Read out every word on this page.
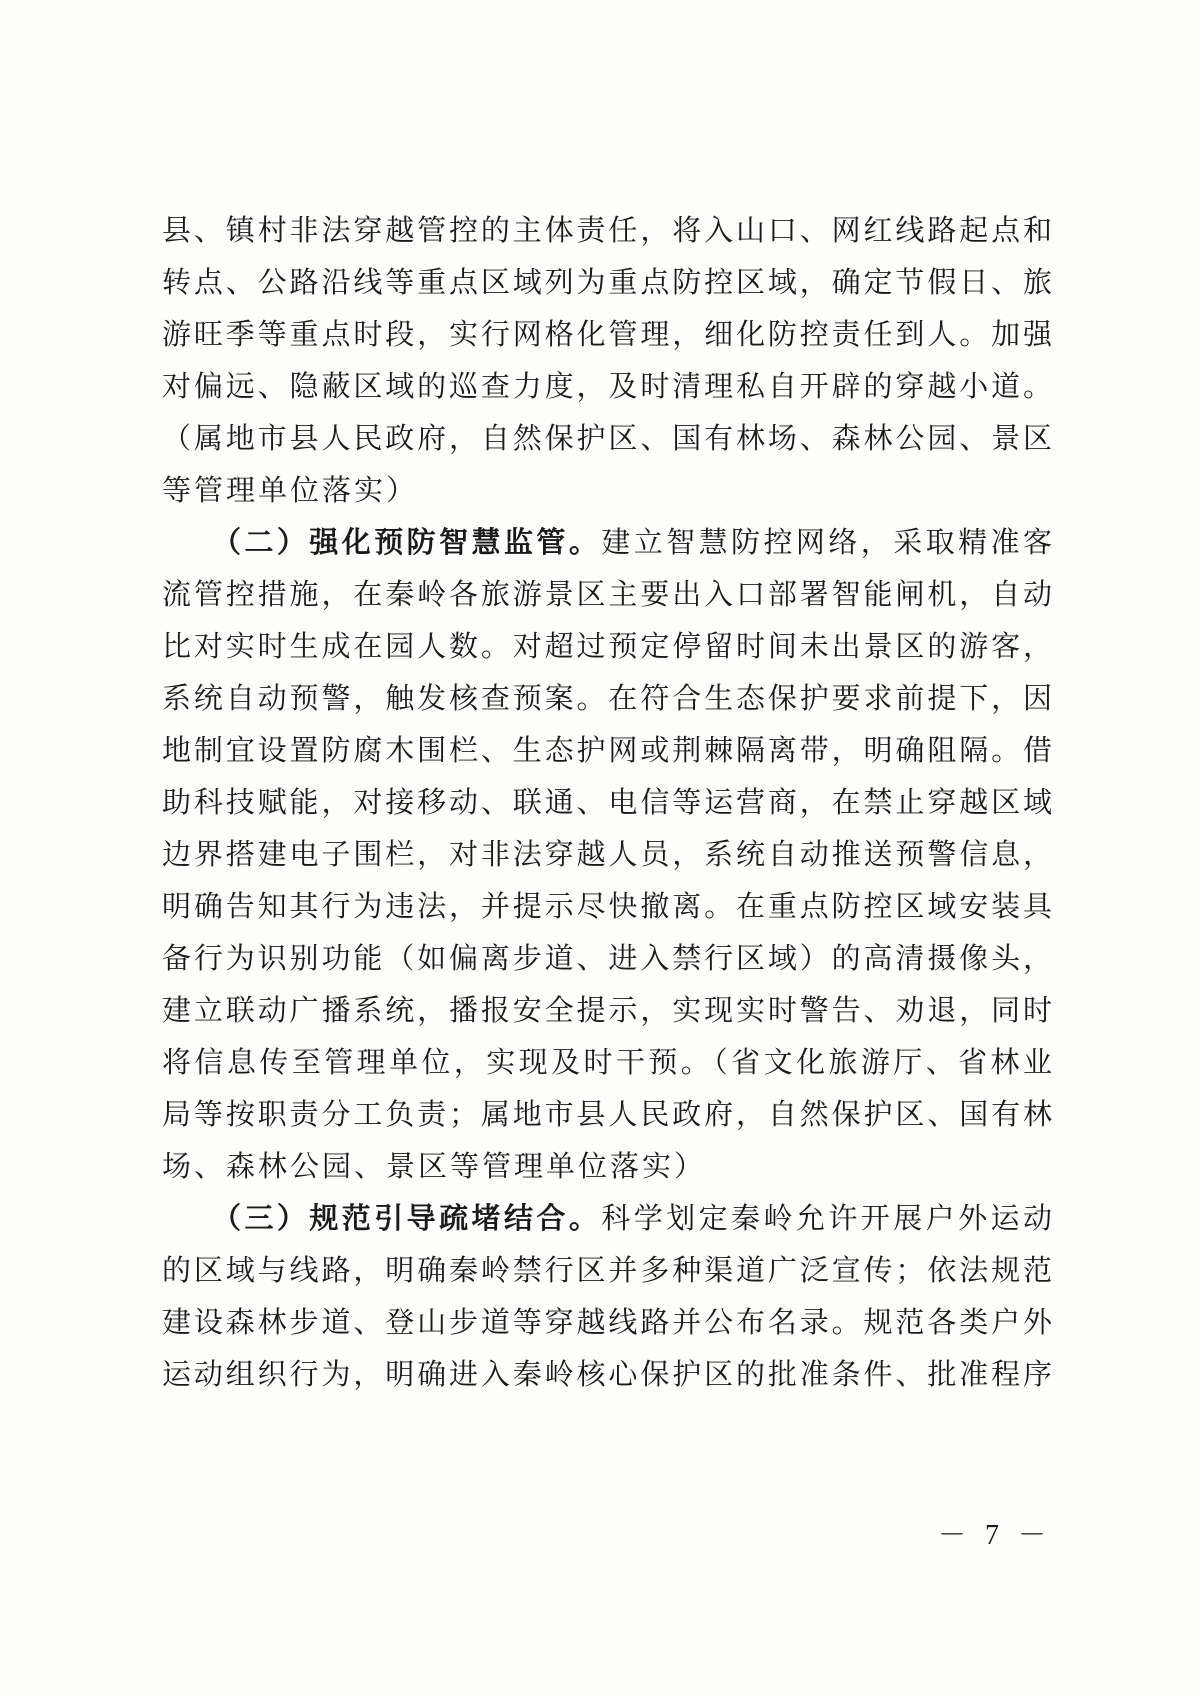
县、镇村非法穿越管控的主体责任，将入山口、网红线路起点和
转点、公路沿线等重点区域列为重点防控区域，确定节假日、旅
游旺季等重点时段，实行网格化管理，细化防控责任到人。加强
对偏远、隐蔽区域的巡查力度，及时清理私自开辟的穿越小道。
（属地市县人民政府，自然保护区、国有林场、森林公园、景区
等管理单位落实）
（二）强化预防智慧监管。建立智慧防控网络，采取精准客
流管控措施，在秦岭各旅游景区主要出入口部署智能闸机，自动
比对实时生成在园人数。对超过预定停留时间未出景区的游客，
系统自动预警，触发核查预案。在符合生态保护要求前提下，因
地制宜设置防腐木围栏、生态护网或荆棘隔离带，明确阻隔。借
助科技赋能，对接移动、联通、电信等运营商，在禁止穿越区域
边界搭建电子围栏，对非法穿越人员，系统自动推送预警信息，
明确告知其行为违法，并提示尽快撤离。在重点防控区域安装具
备行为识别功能（如偏离步道、进入禁行区域）的高清摄像头，
建立联动广播系统，播报安全提示，实现实时警告、劝退，同时
将信息传至管理单位，实现及时干预。（省文化旅游厅、省林业
局等按职责分工负责；属地市县人民政府，自然保护区、国有林
场、森林公园、景区等管理单位落实）
（三）规范引导疏堵结合。科学划定秦岭允许开展户外运动
的区域与线路，明确秦岭禁行区并多种渠道广泛宣传；依法规范
建设森林步道、登山步道等穿越线路并公布名录。规范各类户外
运动组织行为，明确进入秦岭核心保护区的批准条件、批准程序
－ 7 －
